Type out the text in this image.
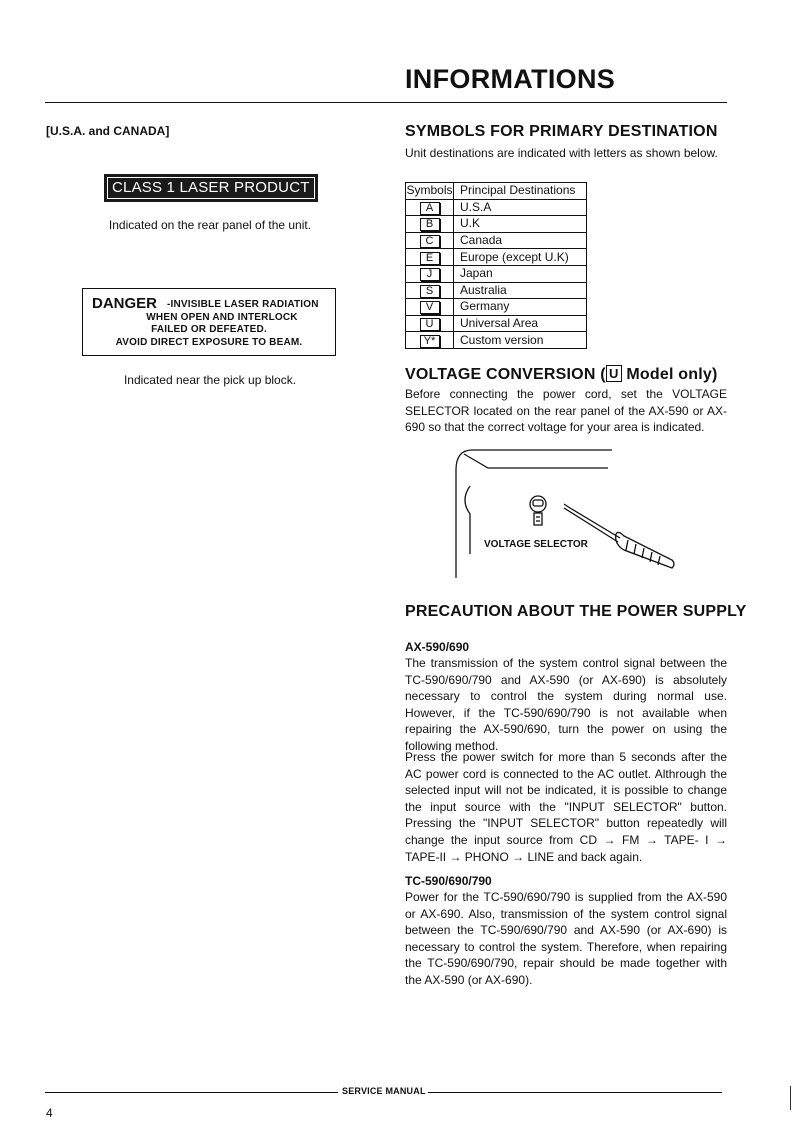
INFORMATIONS
[U.S.A. and CANADA]
CLASS 1 LASER PRODUCT
Indicated on the rear panel of the unit.
DANGER -INVISIBLE LASER RADIATION
WHEN OPEN AND INTERLOCK
FAILED OR DEFEATED.
AVOID DIRECT EXPOSURE TO BEAM.
Indicated near the pick up block.
SYMBOLS FOR PRIMARY DESTINATION
Unit destinations are indicated with letters as shown below.
Symbols	Principal Destinations
A	U.S.A
B	U.K
C	Canada
E	Europe (except U.K)
J	Japan
S	Australia
V	Germany
U	Universal Area
Y*	Custom version
VOLTAGE CONVERSION ( U Model only)
Before connecting the power cord, set the VOLTAGE SELECTOR located on the rear panel of the AX-590 or AX-690 so that the correct voltage for your area is indicated.
VOLTAGE SELECTOR
PRECAUTION ABOUT THE POWER SUPPLY
AX-590/690
The transmission of the system control signal between the TC-590/690/790 and AX-590 (or AX-690) is absolutely necessary to control the system during normal use. However, if the TC-590/690/790 is not available when repairing the AX-590/690, turn the power on using the following method.
Press the power switch for more than 5 seconds after the AC power cord is connected to the AC outlet. Althrough the selected input will not be indicated, it is possible to change the input source with the "INPUT SELECTOR" button. Pressing the "INPUT SELECTOR" button repeatedly will change the input source from CD → FM → TAPE- I → TAPE-II → PHONO → LINE and back again.
TC-590/690/790
Power for the TC-590/690/790 is supplied from the AX-590 or AX-690. Also, transmission of the system control signal between the TC-590/690/790 and AX-590 (or AX-690) is necessary to control the system. Therefore, when repairing the TC-590/690/790, repair should be made together with the AX-590 (or AX-690).
SERVICE MANUAL
4
